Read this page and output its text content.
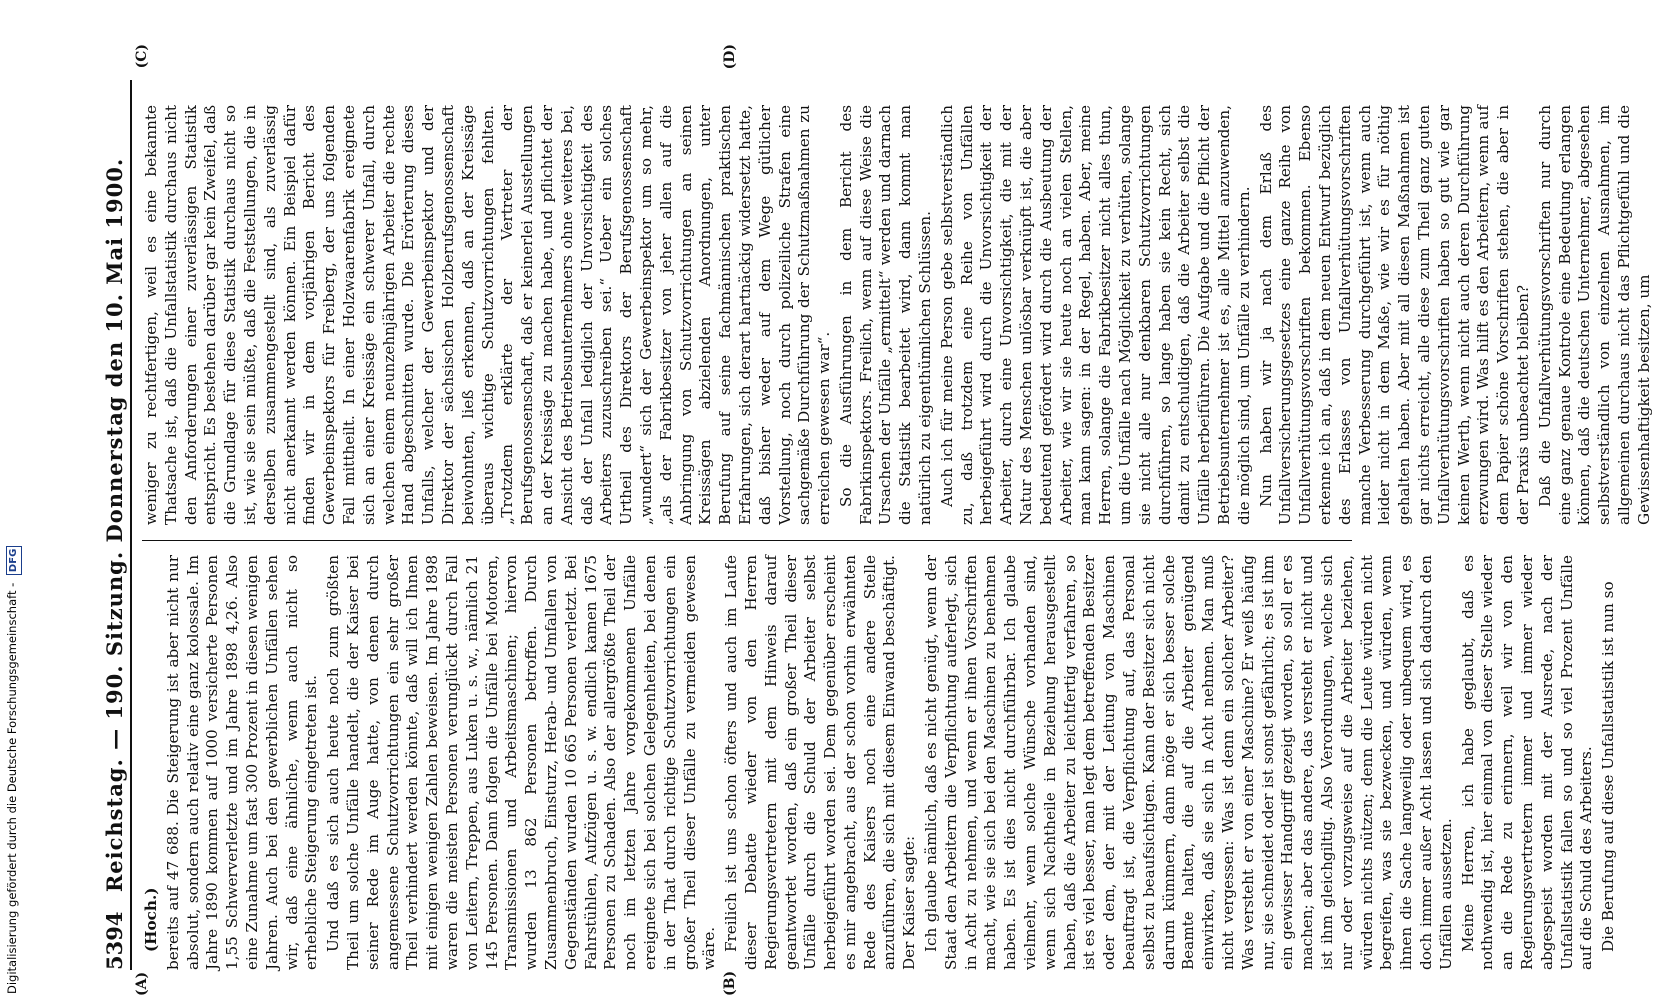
5394
Reichstag. — 190. Sitzung. Donnerstag den 10. Mai 1900.
(A)	(B)
(C)	(D)

(Hoch.) bereits auf 47 688. Die Steigerung ist aber nicht nur absolut, sondern auch relativ eine ganz kolossale. Im Jahre 1890 kommen auf 1000 versicherte Personen 1,55 Schwerverletzte und im Jahre 1898 4,26. Also eine Zunahme um fast 300 Prozent in diesen wenigen Jahren. Auch bei den gewerblichen Unfällen sehen wir, daß eine ähnliche, wenn auch nicht so erhebliche Steigerung eingetreten ist. Und daß es sich auch heute noch zum größten Theil um solche Unfälle handelt, die der Kaiser bei seiner Rede im Auge hatte, von denen durch angemessene Schutzvorrichtungen ein sehr großer Theil verhindert werden könnte, daß will ich Ihnen mit einigen wenigen Zahlen beweisen. Im Jahre 1898 waren die meisten Personen verunglückt durch Fall von Leitern, Treppen, aus Luken u. s. w., nämlich 21 145 Personen. Dann folgen die Unfälle bei Motoren, Transmissionen und Arbeitsmaschinen; hiervon wurden 13 862 Personen betroffen. Durch Zusammenbruch, Einsturz, Herab- und Umfallen von Gegenständen wurden 10 665 Personen verletzt. Bei Fahrstühlen, Aufzügen u. s. w. endlich kamen 1675 Personen zu Schaden. Also der allergrößte Theil der noch im letzten Jahre vorgekommenen Unfälle ereignete sich bei solchen Gelegenheiten, bei denen in der That durch richtige Schutzvorrichtungen ein großer Theil dieser Unfälle zu vermeiden gewesen wäre. Freilich ist uns schon öfters und auch im Laufe dieser Debatte wieder von den Herren Regierungsvertretern mit dem Hinweis darauf geantwortet worden, daß ein großer Theil dieser Unfälle durch die Schuld der Arbeiter selbst herbeigeführt worden sei. Dem gegenüber erscheint es mir angebracht, aus der schon vorhin erwähnten Rede des Kaisers noch eine andere Stelle anzuführen, die sich mit diesem Einwand beschäftigt. Der Kaiser sagte: Ich glaube nämlich, daß es nicht genügt, wenn der Staat den Arbeitern die Verpflichtung auferlegt, sich in Acht zu nehmen, und wenn er ihnen Vorschriften macht, wie sie sich bei den Maschinen zu benehmen haben. Es ist dies nicht durchführbar. Ich glaube vielmehr, wenn solche Wünsche vorhanden sind, wenn sich Nachtheile in Beziehung herausgestellt haben, daß die Arbeiter zu leichtfertig verfahren, so ist es viel besser, man legt dem betreffenden Besitzer oder dem, der mit der Leitung von Maschinen beauftragt ist, die Verpflichtung auf, das Personal selbst zu beaufsichtigen. Kann der Besitzer sich nicht darum kümmern, dann möge er sich besser solche Beamte halten, die auf die Arbeiter genügend einwirken, daß sie sich in Acht nehmen. Man muß nicht vergessen: Was ist denn ein solcher Arbeiter? Was versteht er von einer Maschine? Er weiß häufig nur, sie schneidet oder ist sonst gefährlich; es ist ihm ein gewisser Handgriff gezeigt worden, so soll er es machen; aber das andere, das versteht er nicht und ist ihm gleichgiltig. Also Verordnungen, welche sich nur oder vorzugsweise auf die Arbeiter beziehen, würden nichts nützen; denn die Leute würden nicht begreifen, was sie bezwecken, und würden, wenn ihnen die Sache langweilig oder unbequem wird, es doch immer außer Acht lassen und sich dadurch den Unfällen aussetzen. Meine Herren, ich habe geglaubt, daß es nothwendig ist, hier einmal von dieser Stelle wieder an die Rede zu erinnern, weil wir von den Regierungsvertretern immer und immer wieder abgespeist worden mit der Ausrede, nach der Unfallstatistik fallen so und so viel Prozent Unfälle auf die Schuld des Arbeiters. Die Berufung auf diese Unfallstatistik ist nun so

weniger zu rechtfertigen, weil es eine bekannte Thatsache ist, daß die Unfallstatistik durchaus nicht den Anforderungen einer zuverlässigen Statistik entspricht. Es bestehen darüber gar kein Zweifel, daß die Grundlage für diese Statistik durchaus nicht so ist, wie sie sein müßte, daß die Feststellungen, die in derselben zusammengestellt sind, als zuverlässig nicht anerkannt werden können. Ein Beispiel dafür finden wir in dem vorjährigen Bericht des Gewerbeinspektors für Freiberg, der uns folgenden Fall mittheilt. In einer Holzwaarenfabrik ereignete sich an einer Kreissäge ein schwerer Unfall, durch welchen einem neunzehnjährigen Arbeiter die rechte Hand abgeschnitten wurde. Die Erörterung dieses Unfalls, welcher der Gewerbeinspektor und der Direktor der sächsischen Holzberufsgenossenschaft beiwohnten, ließ erkennen, daß an der Kreissäge überaus wichtige Schutzvorrichtungen fehlten. „Trotzdem erklärte der Vertreter der Berufsgenossenschaft, daß er keinerlei Ausstellungen an der Kreissäge zu machen habe, und pflichtet der Ansicht des Betriebsunternehmers ohne weiteres bei, daß der Unfall lediglich der Unvorsichtigkeit des Arbeiters zuzuschreiben sei.“ Ueber ein solches Urtheil des Direktors der Berufsgenossenschaft „wundert“ sich der Gewerbeinspektor um so mehr, „als der Fabrikbesitzer von jeher allen auf die Anbringung von Schutzvorrichtungen an seinen Kreissägen abzielenden Anordnungen, unter Berufung auf seine fachmännischen praktischen Erfahrungen, sich derart hartnäckig widersetzt hatte, daß bisher weder auf dem Wege gütlicher Vorstellung, noch durch polizeiliche Strafen eine sachgemäße Durchführung der Schutzmaßnahmen zu erreichen gewesen war“. So die Ausführungen in dem Bericht des Fabrikinspektors. Freilich, wenn auf diese Weise die Ursachen der Unfälle „ermittelt“ werden und darnach die Statistik bearbeitet wird, dann kommt man natürlich zu eigenthümlichen Schlüssen. Auch ich für meine Person gebe selbstverständlich zu, daß trotzdem eine Reihe von Unfällen herbeigeführt wird durch die Unvorsichtigkeit der Arbeiter, durch eine Unvorsichtigkeit, die mit der Natur des Menschen unlösbar verknüpft ist, die aber bedeutend gefördert wird durch die Ausbeutung der Arbeiter, wie wir sie heute noch an vielen Stellen, man kann sagen: in der Regel, haben. Aber, meine Herren, solange die Fabrikbesitzer nicht alles thun, um die Unfälle nach Möglichkeit zu verhüten, solange sie nicht alle nur denkbaren Schutzvorrichtungen durchführen, so lange haben sie kein Recht, sich damit zu entschuldigen, daß die Arbeiter selbst die Unfälle herbeiführen. Die Aufgabe und die Pflicht der Betriebsunternehmer ist es, alle Mittel anzuwenden, die möglich sind, um Unfälle zu verhindern. Nun haben wir ja nach dem Erlaß des Unfallversicherungsgesetzes eine ganze Reihe von Unfallverhütungsvorschriften bekommen. Ebenso erkenne ich an, daß in dem neuen Entwurf bezüglich des Erlasses von Unfallverhütungsvorschriften manche Verbesserung durchgeführt ist, wenn auch leider nicht in dem Maße, wie wir es für nöthig gehalten haben. Aber mit all diesen Maßnahmen ist gar nichts erreicht, alle diese zum Theil ganz guten Unfallverhütungsvorschriften haben so gut wie gar keinen Werth, wenn nicht auch deren Durchführung erzwungen wird. Was hilft es den Arbeitern, wenn auf dem Papier schöne Vorschriften stehen, die aber in der Praxis unbeachtet bleiben? Daß die Unfallverhütungsvorschriften nur durch eine ganz genaue Kontrole eine Bedeutung erlangen können, daß die deutschen Unternehmer, abgesehen selbstverständlich von einzelnen Ausnahmen, im allgemeinen durchaus nicht das Pflichtgefühl und die Gewissenhaftigkeit besitzen, um

Digitalisierung gefördert durch die Deutsche Forschungsgemeinschaft - DFG
